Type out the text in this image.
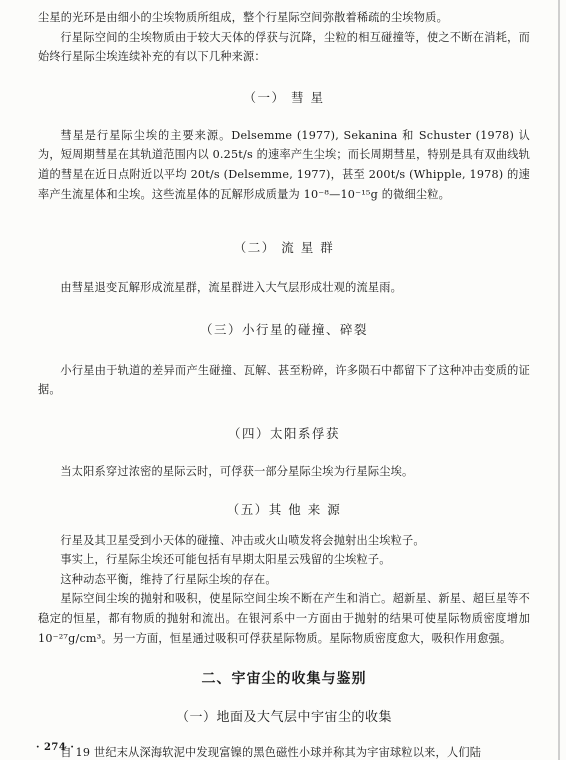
尘星的光环是由细小的尘埃物质所组成，整个行星际空间弥散着稀疏的尘埃物质。

行星际空间的尘埃物质由于较大天体的俘获与沉降，尘粒的相互碰撞等，使之不断在消耗，而始终行星际尘埃连续补充的有以下几种来源：

（一） 彗 星

彗星是行星际尘埃的主要来源。Delsemme (1977), Sekanina 和 Schuster (1978) 认为，短周期彗星在其轨道范围内以 0.25t/s 的速率产生尘埃；而长周期彗星，特别是具有双曲线轨道的彗星在近日点附近以平均 20t/s (Delsemme, 1977)，甚至 200t/s (Whipple, 1978) 的速率产生流星体和尘埃。这些流星体的瓦解形成质量为 10⁻⁸—10⁻¹⁵g 的微细尘粒。

（二） 流 星 群

由彗星退变瓦解形成流星群，流星群进入大气层形成壮观的流星雨。

（三）小行星的碰撞、碎裂

小行星由于轨道的差异而产生碰撞、瓦解、甚至粉碎，许多陨石中都留下了这种冲击变质的证据。

（四）太阳系俘获

当太阳系穿过浓密的星际云时，可俘获一部分星际尘埃为行星际尘埃。

（五）其 他 来 源

行星及其卫星受到小天体的碰撞、冲击或火山喷发将会抛射出尘埃粒子。

事实上，行星际尘埃还可能包括有早期太阳星云残留的尘埃粒子。

这种动态平衡，维持了行星际尘埃的存在。

星际空间尘埃的抛射和吸积，使星际空间尘埃不断在产生和消亡。超新星、新星、超巨星等不稳定的恒星，都有物质的抛射和流出。在银河系中一方面由于抛射的结果可使星际物质密度增加 10⁻²⁷g/cm³。另一方面，恒星通过吸积可俘获星际物质。星际物质密度愈大，吸积作用愈强。

二、宇宙尘的收集与鉴别
（一）地面及大气层中宇宙尘的收集

自 19 世纪末从深海软泥中发现富镍的黑色磁性小球并称其为宇宙球粒以来，人们陆

· 274 ·
